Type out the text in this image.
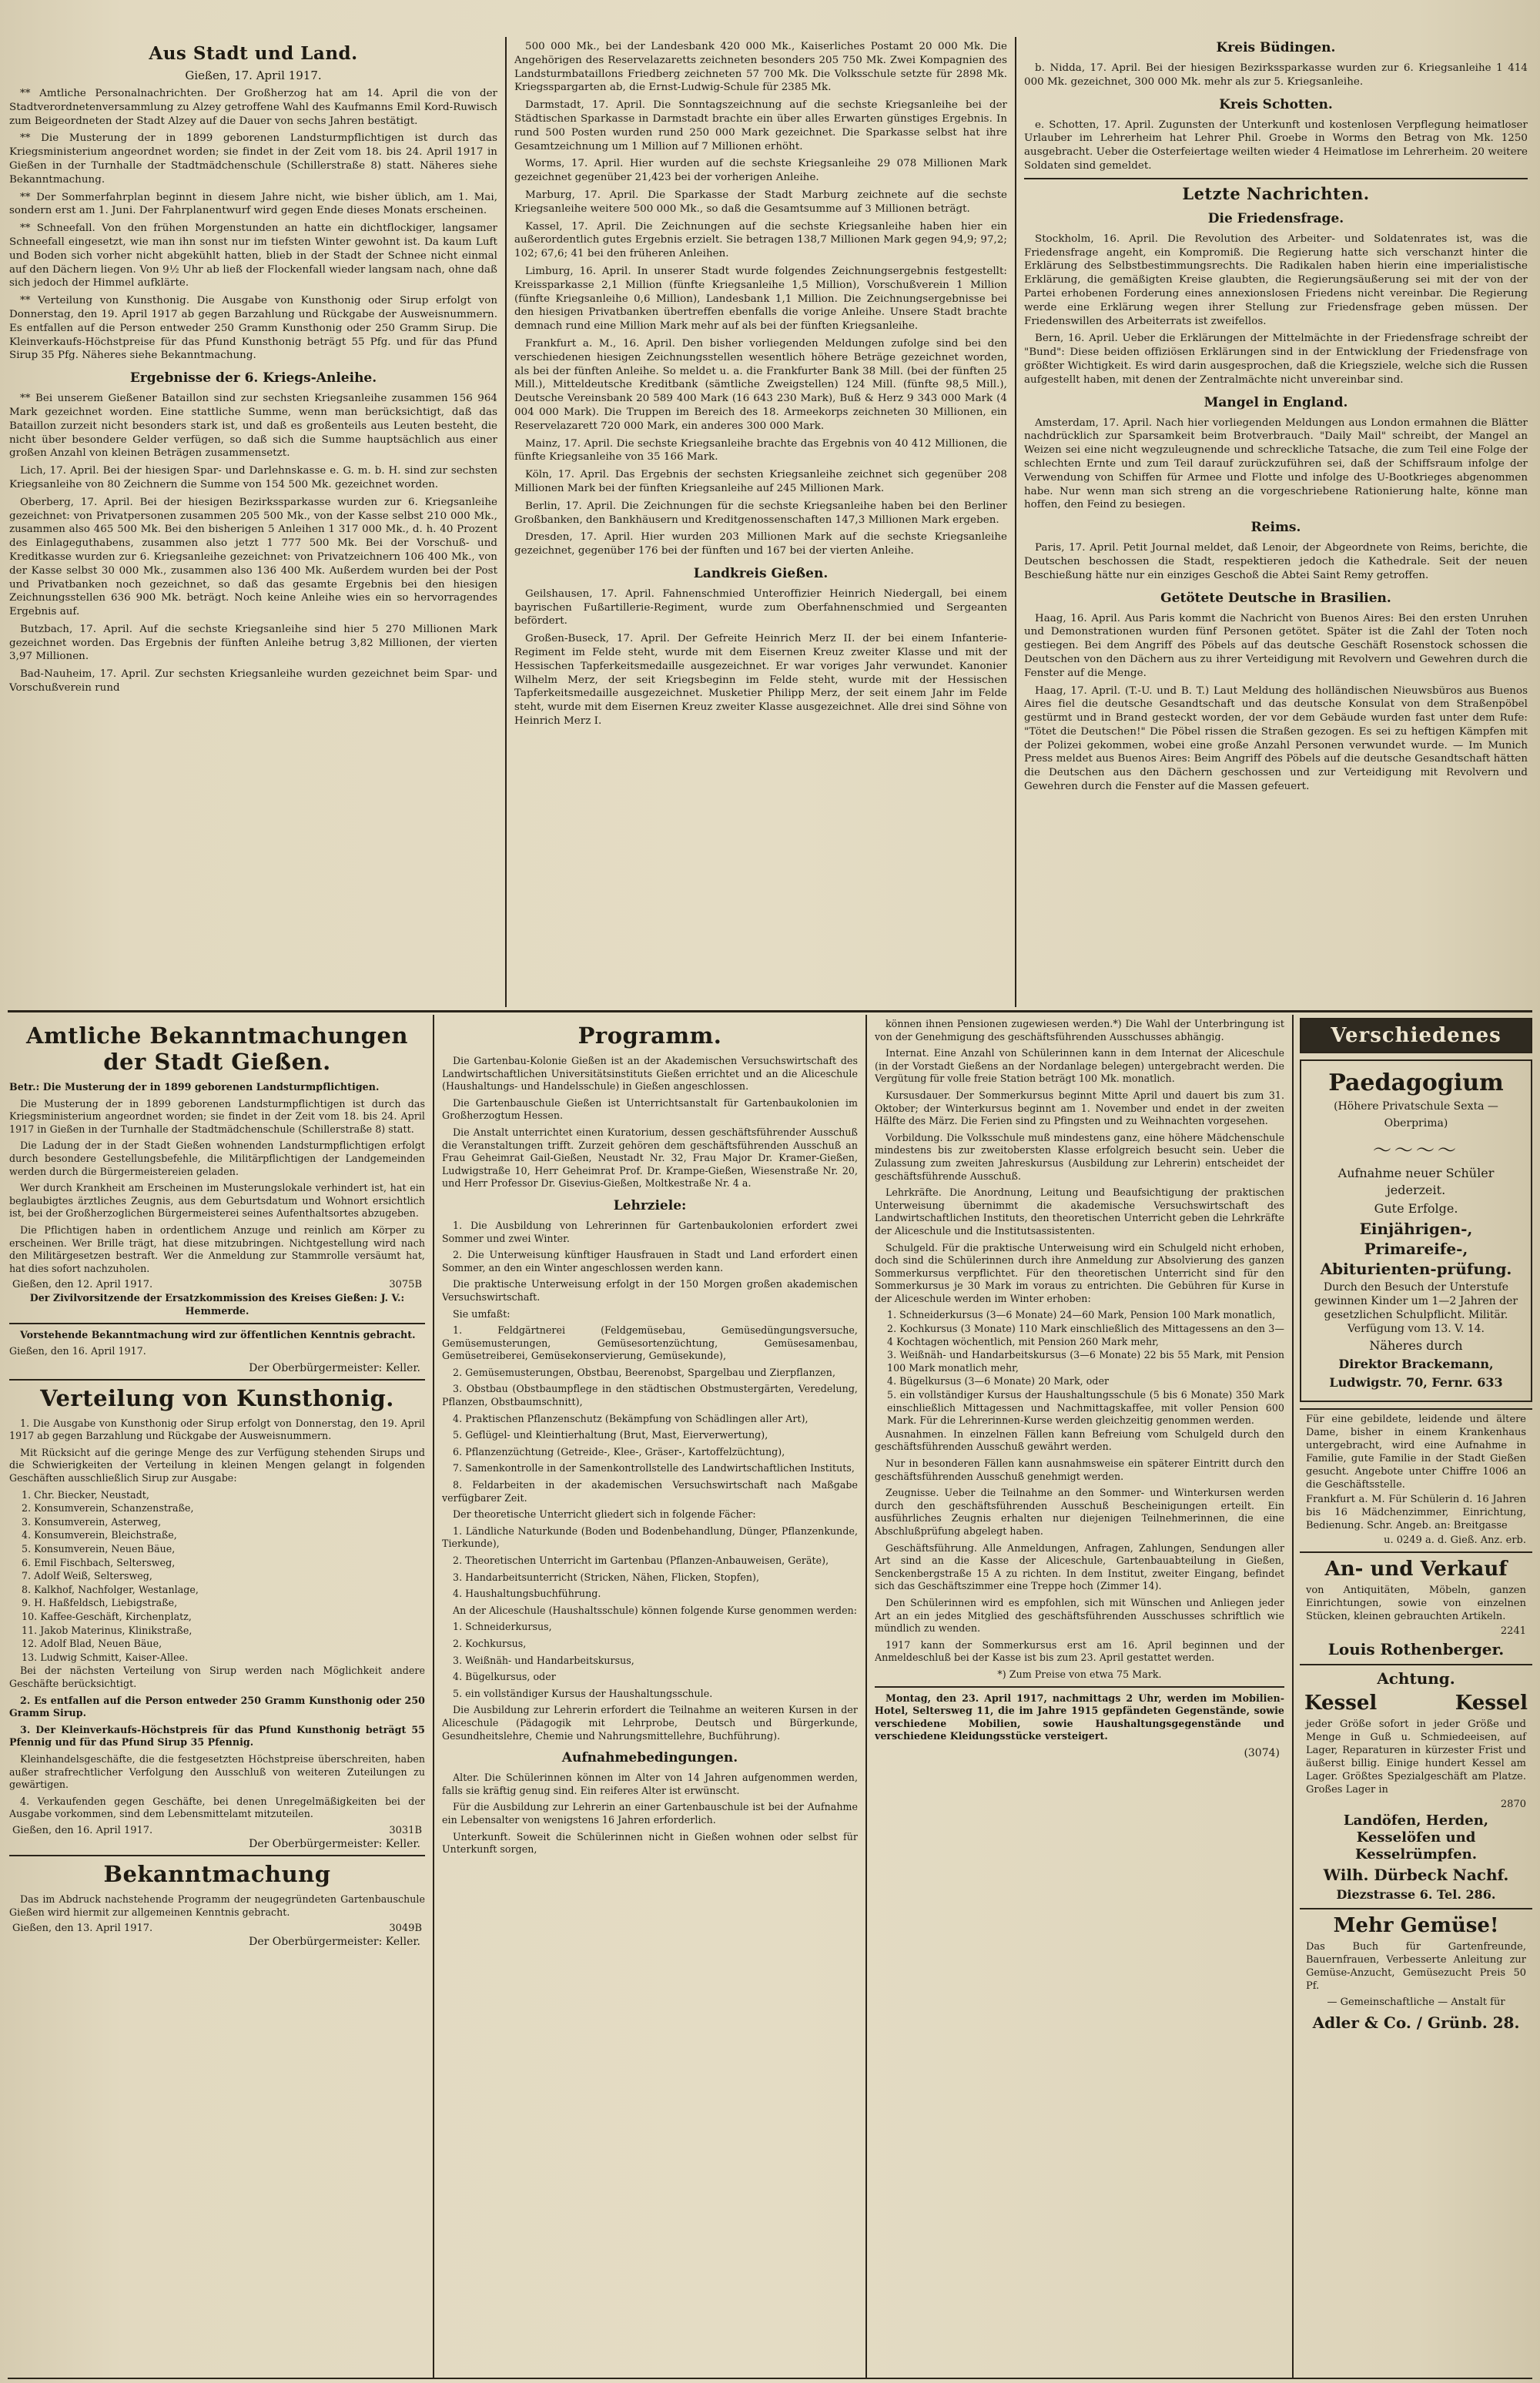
Aus Stadt und Land.
Gießen, 17. April 1917.

** Amtliche Personalnachrichten. Der Großherzog hat am 14. April die von der Stadtverordnetenversammlung zu Alzey getroffene Wahl des Kaufmanns Emil Kord-Ruwisch zum Beigeordneten der Stadt Alzey auf die Dauer von sechs Jahren bestätigt.

** Die Musterung der in 1899 geborenen Landsturmpflichtigen ist durch das Kriegsministerium angeordnet worden; sie findet in der Zeit vom 18. bis 24. April 1917 in Gießen in der Turnhalle der Stadtmädchenschule (Schillerstraße 8) statt. Näheres siehe Bekanntmachung.

** Der Sommerfahrplan beginnt in diesem Jahre nicht, wie bisher üblich, am 1. Mai, sondern erst am 1. Juni. Der Fahrplanentwurf wird gegen Ende dieses Monats erscheinen.

** Schneefall. Von den frühen Morgenstunden an hatte ein dichtflockiger, langsamer Schneefall eingesetzt, wie man ihn sonst nur im tiefsten Winter gewohnt ist. Da kaum Luft und Boden sich vorher nicht abgekühlt hatten, blieb in der Stadt der Schnee nicht einmal auf den Dächern liegen. Von 9½ Uhr ab ließ der Flockenfall wieder langsam nach, ohne daß sich jedoch der Himmel aufklärte.

** Verteilung von Kunsthonig. Die Ausgabe von Kunsthonig oder Sirup erfolgt von Donnerstag, den 19. April 1917 ab gegen Barzahlung und Rückgabe der Ausweisnummern. Es entfallen auf die Person entweder 250 Gramm Kunsthonig oder 250 Gramm Sirup. Die Kleinverkaufs-Höchstpreise für das Pfund Kunsthonig beträgt 55 Pfg. und für das Pfund Sirup 35 Pfg. Näheres siehe Bekanntmachung.

Ergebnisse der 6. Kriegs-Anleihe.

** Bei unserem Gießener Bataillon sind zur sechsten Kriegsanleihe zusammen 156 964 Mark gezeichnet worden. Eine stattliche Summe, wenn man berücksichtigt, daß das Bataillon zurzeit nicht besonders stark ist, und daß es großenteils aus Leuten besteht, die nicht über besondere Gelder verfügen, so daß sich die Summe hauptsächlich aus einer großen Anzahl von kleinen Beträgen zusammensetzt.

Lich, 17. April. Bei der hiesigen Spar- und Darlehnskasse e. G. m. b. H. sind zur sechsten Kriegsanleihe von 80 Zeichnern die Summe von 154 500 Mk. gezeichnet worden.

Oberberg, 17. April. Bei der hiesigen Bezirkssparkasse wurden zur 6. Kriegsanleihe gezeichnet: von Privatpersonen zusammen 205 500 Mk., von der Kasse selbst 210 000 Mk., zusammen also 465 500 Mk. Bei den bisherigen 5 Anleihen 1 317 000 Mk., d. h. 40 Prozent des Einlageguthabens, zusammen also jetzt 1 777 500 Mk. Bei der Vorschuß- und Kreditkasse wurden zur 6. Kriegsanleihe gezeichnet: von Privatzeichnern 106 400 Mk., von der Kasse selbst 30 000 Mk., zusammen also 136 400 Mk. Außerdem wurden bei der Post und Privatbanken noch gezeichnet, so daß das gesamte Ergebnis bei den hiesigen Zeichnungsstellen 636 900 Mk. beträgt. Noch keine Anleihe wies ein so hervorragendes Ergebnis auf.

Butzbach, 17. April. Auf die sechste Kriegsanleihe sind hier 5 270 Millionen Mark gezeichnet worden. Das Ergebnis der fünften Anleihe betrug 3,82 Millionen, der vierten 3,97 Millionen.

Bad-Nauheim, 17. April. Zur sechsten Kriegsanleihe wurden gezeichnet beim Spar- und Vorschußverein rund

500 000 Mk., bei der Landesbank 420 000 Mk., Kaiserliches Postamt 20 000 Mk. Die Angehörigen des Reservelazaretts zeichneten besonders 205 750 Mk. Zwei Kompagnien des Landsturmbataillons Friedberg zeichneten 57 700 Mk. Die Volksschule setzte für 2898 Mk. Kriegsspargarten ab, die Ernst-Ludwig-Schule für 2385 Mk.

Darmstadt, 17. April. Die Sonntagszeichnung auf die sechste Kriegsanleihe bei der Städtischen Sparkasse in Darmstadt brachte ein über alles Erwarten günstiges Ergebnis. In rund 500 Posten wurden rund 250 000 Mark gezeichnet. Die Sparkasse selbst hat ihre Gesamtzeichnung um 1 Million auf 7 Millionen erhöht.

Worms, 17. April. Hier wurden auf die sechste Kriegsanleihe 29 078 Millionen Mark gezeichnet gegenüber 21,423 bei der vorherigen Anleihe.

Marburg, 17. April. Die Sparkasse der Stadt Marburg zeichnete auf die sechste Kriegsanleihe weitere 500 000 Mk., so daß die Gesamtsumme auf 3 Millionen beträgt.

Kassel, 17. April. Die Zeichnungen auf die sechste Kriegsanleihe haben hier ein außerordentlich gutes Ergebnis erzielt. Sie betragen 138,7 Millionen Mark gegen 94,9; 97,2; 102; 67,6; 41 bei den früheren Anleihen.

Limburg, 16. April. In unserer Stadt wurde folgendes Zeichnungsergebnis festgestellt: Kreissparkasse 2,1 Million (fünfte Kriegsanleihe 1,5 Million), Vorschußverein 1 Million (fünfte Kriegsanleihe 0,6 Million), Landesbank 1,1 Million. Die Zeichnungsergebnisse bei den hiesigen Privatbanken übertreffen ebenfalls die vorige Anleihe. Unsere Stadt brachte demnach rund eine Million Mark mehr auf als bei der fünften Kriegsanleihe.

Frankfurt a. M., 16. April. Den bisher vorliegenden Meldungen zufolge sind bei den verschiedenen hiesigen Zeichnungsstellen wesentlich höhere Beträge gezeichnet worden, als bei der fünften Anleihe. So meldet u. a. die Frankfurter Bank 38 Mill. (bei der fünften 25 Mill.), Mitteldeutsche Kreditbank (sämtliche Zweigstellen) 124 Mill. (fünfte 98,5 Mill.), Deutsche Vereinsbank 20 589 400 Mark (16 643 230 Mark), Buß & Herz 9 343 000 Mark (4 004 000 Mark). Die Truppen im Bereich des 18. Armeekorps zeichneten 30 Millionen, ein Reservelazarett 720 000 Mark, ein anderes 300 000 Mark.

Mainz, 17. April. Die sechste Kriegsanleihe brachte das Ergebnis von 40 412 Millionen, die fünfte Kriegsanleihe von 35 166 Mark.

Köln, 17. April. Das Ergebnis der sechsten Kriegsanleihe zeichnet sich gegenüber 208 Millionen Mark bei der fünften Kriegsanleihe auf 245 Millionen Mark.

Berlin, 17. April. Die Zeichnungen für die sechste Kriegsanleihe haben bei den Berliner Großbanken, den Bankhäusern und Kreditgenossenschaften 147,3 Millionen Mark ergeben.

Dresden, 17. April. Hier wurden 203 Millionen Mark auf die sechste Kriegsanleihe gezeichnet, gegenüber 176 bei der fünften und 167 bei der vierten Anleihe.

Landkreis Gießen.

Geilshausen, 17. April. Fahnenschmied Unteroffizier Heinrich Niedergall, bei einem bayrischen Fußartillerie-Regiment, wurde zum Oberfahnenschmied und Sergeanten befördert.

Großen-Buseck, 17. April. Der Gefreite Heinrich Merz II. der bei einem Infanterie-Regiment im Felde steht, wurde mit dem Eisernen Kreuz zweiter Klasse und mit der Hessischen Tapferkeitsmedaille ausgezeichnet. Er war voriges Jahr verwundet. Kanonier Wilhelm Merz, der seit Kriegsbeginn im Felde steht, wurde mit der Hessischen Tapferkeitsmedaille ausgezeichnet. Musketier Philipp Merz, der seit einem Jahr im Felde steht, wurde mit dem Eisernen Kreuz zweiter Klasse ausgezeichnet. Alle drei sind Söhne von Heinrich Merz I.

Kreis Büdingen.

b. Nidda, 17. April. Bei der hiesigen Bezirkssparkasse wurden zur 6. Kriegsanleihe 1 414 000 Mk. gezeichnet, 300 000 Mk. mehr als zur 5. Kriegsanleihe.

Kreis Schotten.

e. Schotten, 17. April. Zugunsten der Unterkunft und kostenlosen Verpflegung heimatloser Urlauber im Lehrerheim hat Lehrer Phil. Groebe in Worms den Betrag von Mk. 1250 ausgebracht. Ueber die Osterfeiertage weilten wieder 4 Heimatlose im Lehrerheim. 20 weitere Soldaten sind gemeldet.

Letzte Nachrichten.
Die Friedensfrage.

Stockholm, 16. April. Die Revolution des Arbeiter- und Soldatenrates ist, was die Friedensfrage angeht, ein Kompromiß. Die Regierung hatte sich verschanzt hinter die Erklärung des Selbstbestimmungsrechts. Die Radikalen haben hierin eine imperialistische Erklärung, die gemäßigten Kreise glaubten, die Regierungsäußerung sei mit der von der Partei erhobenen Forderung eines annexionslosen Friedens nicht vereinbar. Die Regierung werde eine Erklärung wegen ihrer Stellung zur Friedensfrage geben müssen. Der Friedenswillen des Arbeiterrats ist zweifellos.

Bern, 16. April. Ueber die Erklärungen der Mittelmächte in der Friedensfrage schreibt der "Bund": Diese beiden offiziösen Erklärungen sind in der Entwicklung der Friedensfrage von größter Wichtigkeit. Es wird darin ausgesprochen, daß die Kriegsziele, welche sich die Russen aufgestellt haben, mit denen der Zentralmächte nicht unvereinbar sind.

Mangel in England.

Amsterdam, 17. April. Nach hier vorliegenden Meldungen aus London ermahnen die Blätter nachdrücklich zur Sparsamkeit beim Brotverbrauch. "Daily Mail" schreibt, der Mangel an Weizen sei eine nicht wegzuleugnende und schreckliche Tatsache, die zum Teil eine Folge der schlechten Ernte und zum Teil darauf zurückzuführen sei, daß der Schiffsraum infolge der Verwendung von Schiffen für Armee und Flotte und infolge des U-Bootkrieges abgenommen habe. Nur wenn man sich streng an die vorgeschriebene Rationierung halte, könne man hoffen, den Feind zu besiegen.

Reims.

Paris, 17. April. Petit Journal meldet, daß Lenoir, der Abgeordnete von Reims, berichte, die Deutschen beschossen die Stadt, respektieren jedoch die Kathedrale. Seit der neuen Beschießung hätte nur ein einziges Geschoß die Abtei Saint Remy getroffen.

Getötete Deutsche in Brasilien.

Haag, 16. April. Aus Paris kommt die Nachricht von Buenos Aires: Bei den ersten Unruhen und Demonstrationen wurden fünf Personen getötet. Später ist die Zahl der Toten noch gestiegen. Bei dem Angriff des Pöbels auf das deutsche Geschäft Rosenstock schossen die Deutschen von den Dächern aus zu ihrer Verteidigung mit Revolvern und Gewehren durch die Fenster auf die Menge.

Haag, 17. April. (T.-U. und B. T.) Laut Meldung des holländischen Nieuwsbüros aus Buenos Aires fiel die deutsche Gesandtschaft und das deutsche Konsulat von dem Straßenpöbel gestürmt und in Brand gesteckt worden, der vor dem Gebäude wurden fast unter dem Rufe: "Tötet die Deutschen!" Die Pöbel rissen die Straßen gezogen. Es sei zu heftigen Kämpfen mit der Polizei gekommen, wobei eine große Anzahl Personen verwundet wurde. — Im Munich Press meldet aus Buenos Aires: Beim Angriff des Pöbels auf die deutsche Gesandtschaft hätten die Deutschen aus den Dächern geschossen und zur Verteidigung mit Revolvern und Gewehren durch die Fenster auf die Massen gefeuert.

Amtliche Bekanntmachungen der Stadt Gießen.

Betr.: Die Musterung der in 1899 geborenen Landsturmpflichtigen.

Die Musterung der in 1899 geborenen Landsturmpflichtigen ist durch das Kriegsministerium angeordnet worden; sie findet in der Zeit vom 18. bis 24. April 1917 in Gießen in der Turnhalle der Stadtmädchenschule (Schillerstraße 8) statt.

Die Ladung der in der Stadt Gießen wohnenden Landsturmpflichtigen erfolgt durch besondere Gestellungsbefehle, die Militärpflichtigen der Landgemeinden werden durch die Bürgermeistereien geladen.

Wer durch Krankheit am Erscheinen im Musterungslokale verhindert ist, hat ein beglaubigtes ärztliches Zeugnis, aus dem Geburtsdatum und Wohnort ersichtlich ist, bei der Großherzoglichen Bürgermeisterei seines Aufenthaltsortes abzugeben.

Die Pflichtigen haben in ordentlichem Anzuge und reinlich am Körper zu erscheinen. Wer Brille trägt, hat diese mitzubringen. Nichtgestellung wird nach den Militärgesetzen bestraft. Wer die Anmeldung zur Stammrolle versäumt hat, hat dies sofort nachzuholen.

Gießen, den 12. April 1917.	3075B

Der Zivilvorsitzende der Ersatzkommission des Kreises Gießen: J. V.: Hemmerde.

Vorstehende Bekanntmachung wird zur öffentlichen Kenntnis gebracht.

Gießen, den 16. April 1917.

Der Oberbürgermeister: Keller.
Verteilung von Kunsthonig.

1. Die Ausgabe von Kunsthonig oder Sirup erfolgt von Donnerstag, den 19. April 1917 ab gegen Barzahlung und Rückgabe der Ausweisnummern.

Mit Rücksicht auf die geringe Menge des zur Verfügung stehenden Sirups und die Schwierigkeiten der Verteilung in kleinen Mengen gelangt in folgenden Geschäften ausschließlich Sirup zur Ausgabe:

1. Chr. Biecker, Neustadt,

2. Konsumverein, Schanzenstraße,

3. Konsumverein, Asterweg,

4. Konsumverein, Bleichstraße,

5. Konsumverein, Neuen Bäue,

6. Emil Fischbach, Seltersweg,

7. Adolf Weiß, Seltersweg,

8. Kalkhof, Nachfolger, Westanlage,

9. H. Haßfeldsch, Liebigstraße,

10. Kaffee-Geschäft, Kirchenplatz,

11. Jakob Materinus, Klinikstraße,

12. Adolf Blad, Neuen Bäue,

13. Ludwig Schmitt, Kaiser-Allee.

Bei der nächsten Verteilung von Sirup werden nach Möglichkeit andere Geschäfte berücksichtigt.

2. Es entfallen auf die Person entweder 250 Gramm Kunsthonig oder 250 Gramm Sirup.

3. Der Kleinverkaufs-Höchstpreis für das Pfund Kunsthonig beträgt 55 Pfennig und für das Pfund Sirup 35 Pfennig.

Kleinhandelsgeschäfte, die die festgesetzten Höchstpreise überschreiten, haben außer strafrechtlicher Verfolgung den Ausschluß von weiteren Zuteilungen zu gewärtigen.

4. Verkaufenden gegen Geschäfte, bei denen Unregelmäßigkeiten bei der Ausgabe vorkommen, sind dem Lebensmittelamt mitzuteilen.

Gießen, den 16. April 1917.	3031B
Der Oberbürgermeister: Keller.
Bekanntmachung

Das im Abdruck nachstehende Programm der neugegründeten Gartenbauschule Gießen wird hiermit zur allgemeinen Kenntnis gebracht.

Gießen, den 13. April 1917.	3049B
Der Oberbürgermeister: Keller.
Programm.

Die Gartenbau-Kolonie Gießen ist an der Akademischen Versuchswirtschaft des Landwirtschaftlichen Universitätsinstituts Gießen errichtet und an die Aliceschule (Haushaltungs- und Handelsschule) in Gießen angeschlossen.

Die Gartenbauschule Gießen ist Unterrichtsanstalt für Gartenbaukolonien im Großherzogtum Hessen.

Die Anstalt unterrichtet einen Kuratorium, dessen geschäftsführender Ausschuß die Veranstaltungen trifft. Zurzeit gehören dem geschäftsführenden Ausschuß an Frau Geheimrat Gail-Gießen, Neustadt Nr. 32, Frau Major Dr. Kramer-Gießen, Ludwigstraße 10, Herr Geheimrat Prof. Dr. Krampe-Gießen, Wiesenstraße Nr. 20, und Herr Professor Dr. Gisevius-Gießen, Moltkestraße Nr. 4 a.

Lehrziele:

1. Die Ausbildung von Lehrerinnen für Gartenbaukolonien erfordert zwei Sommer und zwei Winter.

2. Die Unterweisung künftiger Hausfrauen in Stadt und Land erfordert einen Sommer, an den ein Winter angeschlossen werden kann.

Die praktische Unterweisung erfolgt in der 150 Morgen großen akademischen Versuchswirtschaft.

Sie umfaßt:

1. Feldgärtnerei (Feldgemüsebau, Gemüsedüngungsversuche, Gemüsemusterungen, Gemüsesortenzüchtung, Gemüsesamenbau, Gemüsetreiberei, Gemüsekonservierung, Gemüsekunde),

2. Gemüsemusterungen, Obstbau, Beerenobst, Spargelbau und Zierpflanzen,

3. Obstbau (Obstbaumpflege in den städtischen Obstmustergärten, Veredelung, Pflanzen, Obstbaumschnitt),

4. Praktischen Pflanzenschutz (Bekämpfung von Schädlingen aller Art),

5. Geflügel- und Kleintierhaltung (Brut, Mast, Eierverwertung),

6. Pflanzenzüchtung (Getreide-, Klee-, Gräser-, Kartoffelzüchtung),

7. Samenkontrolle in der Samenkontrollstelle des Landwirtschaftlichen Instituts,

8. Feldarbeiten in der akademischen Versuchswirtschaft nach Maßgabe verfügbarer Zeit.

Der theoretische Unterricht gliedert sich in folgende Fächer:

1. Ländliche Naturkunde (Boden und Bodenbehandlung, Dünger, Pflanzenkunde, Tierkunde),

2. Theoretischen Unterricht im Gartenbau (Pflanzen-Anbauweisen, Geräte),

3. Handarbeitsunterricht (Stricken, Nähen, Flicken, Stopfen),

4. Haushaltungsbuchführung.

An der Aliceschule (Haushaltsschule) können folgende Kurse genommen werden:

1. Schneiderkursus,

2. Kochkursus,

3. Weißnäh- und Handarbeitskursus,

4. Bügelkursus, oder

5. ein vollständiger Kursus der Haushaltungsschule.

Die Ausbildung zur Lehrerin erfordert die Teilnahme an weiteren Kursen in der Aliceschule (Pädagogik mit Lehrprobe, Deutsch und Bürgerkunde, Gesundheitslehre, Chemie und Nahrungsmittellehre, Buchführung).

Aufnahmebedingungen.

Alter. Die Schülerinnen können im Alter von 14 Jahren aufgenommen werden, falls sie kräftig genug sind. Ein reiferes Alter ist erwünscht.

Für die Ausbildung zur Lehrerin an einer Gartenbauschule ist bei der Aufnahme ein Lebensalter von wenigstens 16 Jahren erforderlich.

Unterkunft. Soweit die Schülerinnen nicht in Gießen wohnen oder selbst für Unterkunft sorgen,

können ihnen Pensionen zugewiesen werden.*) Die Wahl der Unterbringung ist von der Genehmigung des geschäftsführenden Ausschusses abhängig.

Internat. Eine Anzahl von Schülerinnen kann in dem Internat der Aliceschule (in der Vorstadt Gießens an der Nordanlage belegen) untergebracht werden. Die Vergütung für volle freie Station beträgt 100 Mk. monatlich.

Kursusdauer. Der Sommerkursus beginnt Mitte April und dauert bis zum 31. Oktober; der Winterkursus beginnt am 1. November und endet in der zweiten Hälfte des März. Die Ferien sind zu Pfingsten und zu Weihnachten vorgesehen.

Vorbildung. Die Volksschule muß mindestens ganz, eine höhere Mädchenschule mindestens bis zur zweitobersten Klasse erfolgreich besucht sein. Ueber die Zulassung zum zweiten Jahreskursus (Ausbildung zur Lehrerin) entscheidet der geschäftsführende Ausschuß.

Lehrkräfte. Die Anordnung, Leitung und Beaufsichtigung der praktischen Unterweisung übernimmt die akademische Versuchswirtschaft des Landwirtschaftlichen Instituts, den theoretischen Unterricht geben die Lehrkräfte der Aliceschule und die Institutsassistenten.

Schulgeld. Für die praktische Unterweisung wird ein Schulgeld nicht erhoben, doch sind die Schülerinnen durch ihre Anmeldung zur Absolvierung des ganzen Sommerkursus verpflichtet. Für den theoretischen Unterricht sind für den Sommerkursus je 30 Mark im voraus zu entrichten. Die Gebühren für Kurse in der Aliceschule werden im Winter erhoben:

1. Schneiderkursus (3—6 Monate) 24—60 Mark, Pension 100 Mark monatlich,

2. Kochkursus (3 Monate) 110 Mark einschließlich des Mittagessens an den 3—4 Kochtagen wöchentlich, mit Pension 260 Mark mehr,

3. Weißnäh- und Handarbeitskursus (3—6 Monate) 22 bis 55 Mark, mit Pension 100 Mark monatlich mehr,

4. Bügelkursus (3—6 Monate) 20 Mark, oder

5. ein vollständiger Kursus der Haushaltungsschule (5 bis 6 Monate) 350 Mark einschließlich Mittagessen und Nachmittagskaffee, mit voller Pension 600 Mark. Für die Lehrerinnen-Kurse werden gleichzeitig genommen werden.

Ausnahmen. In einzelnen Fällen kann Befreiung vom Schulgeld durch den geschäftsführenden Ausschuß gewährt werden.

Nur in besonderen Fällen kann ausnahmsweise ein späterer Eintritt durch den geschäftsführenden Ausschuß genehmigt werden.

Zeugnisse. Ueber die Teilnahme an den Sommer- und Winterkursen werden durch den geschäftsführenden Ausschuß Bescheinigungen erteilt. Ein ausführliches Zeugnis erhalten nur diejenigen Teilnehmerinnen, die eine Abschlußprüfung abgelegt haben.

Geschäftsführung. Alle Anmeldungen, Anfragen, Zahlungen, Sendungen aller Art sind an die Kasse der Aliceschule, Gartenbauabteilung in Gießen, Senckenbergstraße 15 A zu richten. In dem Institut, zweiter Eingang, befindet sich das Geschäftszimmer eine Treppe hoch (Zimmer 14).

Den Schülerinnen wird es empfohlen, sich mit Wünschen und Anliegen jeder Art an ein jedes Mitglied des geschäftsführenden Ausschusses schriftlich wie mündlich zu wenden.

1917 kann der Sommerkursus erst am 16. April beginnen und der Anmeldeschluß bei der Kasse ist bis zum 23. April gestattet werden.

*) Zum Preise von etwa 75 Mark.

Montag, den 23. April 1917, nachmittags 2 Uhr, werden im Mobilien-Hotel, Seltersweg 11, die im Jahre 1915 gepfändeten Gegenstände, sowie verschiedene Mobilien, sowie Haushaltungsgegenstände und verschiedene Kleidungsstücke versteigert.

(3074)
Verschiedenes
Paedagogium
(Höhere Privatschule Sexta — Oberprima)
〜〜〜〜
Aufnahme neuer Schüler jederzeit.
Gute Erfolge.
Einjährigen-, Primareife-, Abiturienten-prüfung.
Durch den Besuch der Unterstufe gewinnen Kinder um 1—2 Jahren der gesetzlichen Schulpflicht. Militär. Verfügung vom 13. V. 14.
Näheres durch
Direktor Brackemann,
Ludwigstr. 70, Fernr. 633

Für eine gebildete, leidende und ältere Dame, bisher in einem Krankenhaus untergebracht, wird eine Aufnahme in Familie, gute Familie in der Stadt Gießen gesucht. Angebote unter Chiffre 1006 an die Geschäftsstelle.

Frankfurt a. M. Für Schülerin d. 16 Jahren bis 16 Mädchenzimmer, Einrichtung, Bedienung. Schr. Angeb. an: Breitgasse

u. 0249 a. d. Gieß. Anz. erb.

An- und Verkauf

von Antiquitäten, Möbeln, ganzen Einrichtungen, sowie von einzelnen Stücken, kleinen gebrauchten Artikeln.

2241

Louis Rothenberger.
Achtung.
Kessel	Kessel

jeder Größe sofort in jeder Größe und Menge in Guß u. Schmiedeeisen, auf Lager, Reparaturen in kürzester Frist und äußerst billig. Einige hundert Kessel am Lager. Größtes Spezialgeschäft am Platze. Großes Lager in

2870

Landöfen, Herden, Kesselöfen und Kesselrümpfen.
Wilh. Dürbeck Nachf.
Diezstrasse 6. Tel. 286.
Mehr Gemüse!

Das Buch für Gartenfreunde, Bauernfrauen, Verbesserte Anleitung zur Gemüse-Anzucht, Gemüsezucht Preis 50 Pf.

— Gemeinschaftliche — Anstalt für
Adler & Co. / Grünb. 28.
